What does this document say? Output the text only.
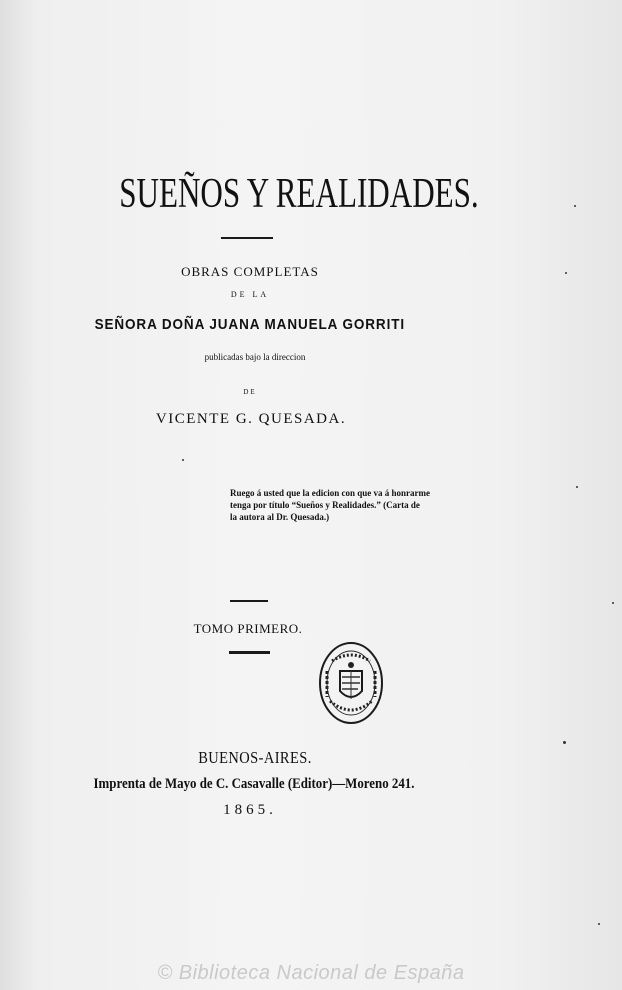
SUEÑOS Y REALIDADES.
OBRAS COMPLETAS
DE LA
SEÑORA DOÑA JUANA MANUELA GORRITI
publicadas bajo la direccion
DE
VICENTE G. QUESADA.
Ruego á usted que la edicion con que va á honrarme
tenga por título “Sueños y Realidades.” (Carta de
la autora al Dr. Quesada.)
TOMO PRIMERO.
BUENOS-AIRES.
Imprenta de Mayo de C. Casavalle (Editor)—Moreno 241.
1865.
© Biblioteca Nacional de España
